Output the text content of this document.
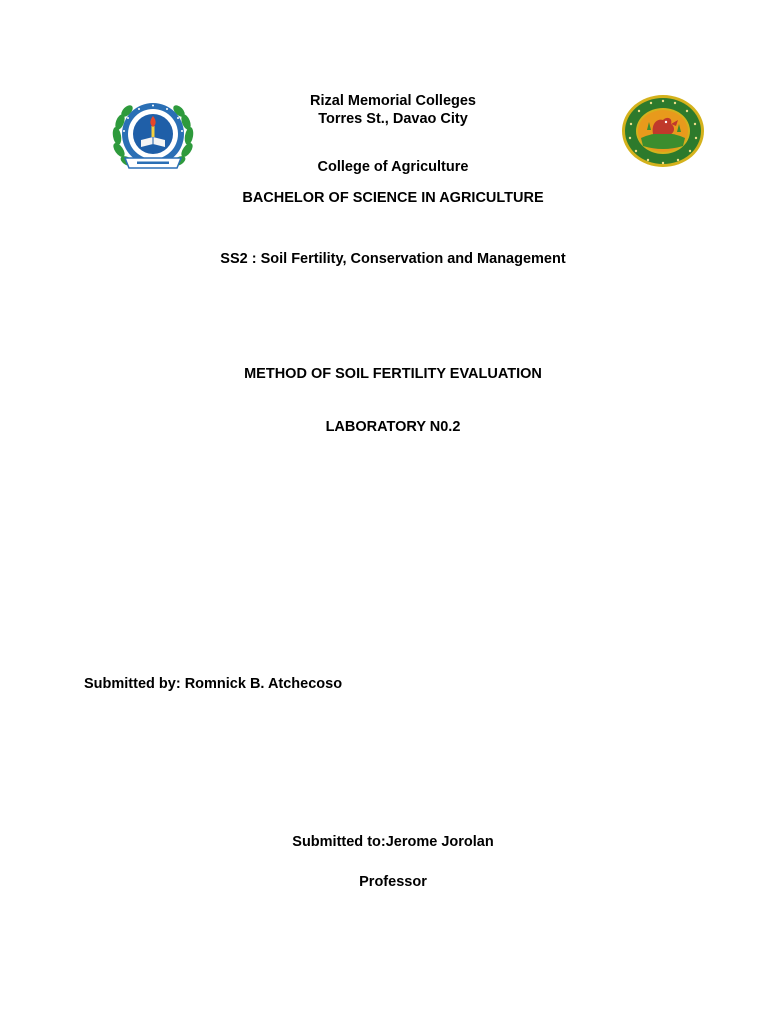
Rizal Memorial Colleges

Torres St., Davao City

College of Agriculture

BACHELOR OF SCIENCE IN AGRICULTURE

SS2 : Soil Fertility, Conservation and Management

METHOD OF SOIL FERTILITY EVALUATION

LABORATORY N0.2

Submitted by: Romnick B. Atchecoso

Submitted to:Jerome Jorolan

Professor
